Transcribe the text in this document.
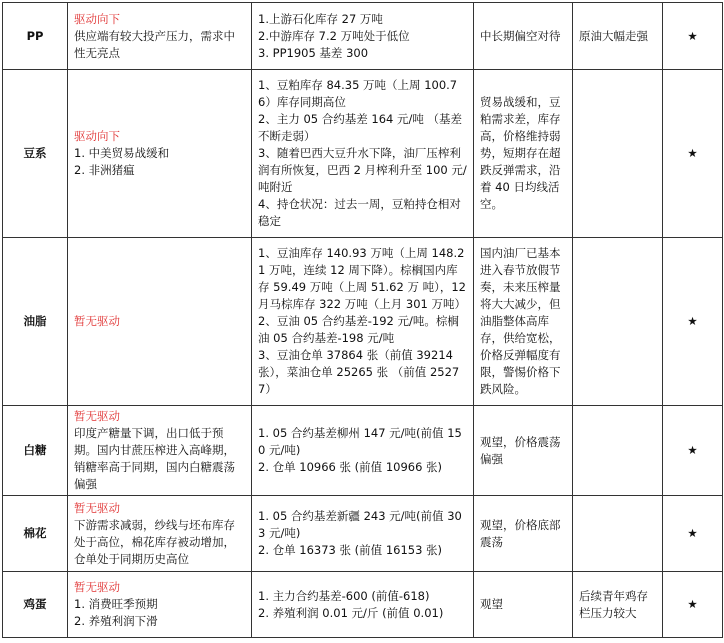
PP	驱动向下
供应端有较大投产压力，需求中性无亮点	1.上游石化库存 27 万吨
2.中游库存 7.2 万吨处于低位
3. PP1905 基差 300	中长期偏空对待	原油大幅走强	★
豆系	驱动向下
1. 中美贸易战缓和
2. 非洲猪瘟	1、豆粕库存 84.35 万吨（上周 100.76）库存同期高位
2、主力 05 合约基差 164 元/吨 （基差不断走弱）
3、随着巴西大豆升水下降，油厂压榨利润有所恢复，巴西 2 月榨利升至 100 元/吨附近
4、持仓状况：过去一周，豆粕持仓相对稳定	贸易战缓和，豆粕需求差，库存高，价格维持弱势，短期存在超跌反弹需求，沿着 40 日均线活空。		★
油脂	暂无驱动	1、豆油库存 140.93 万吨（上周 148.21 万吨，连续 12 周下降）。棕榈国内库存 59.49 万吨（上周 51.62 万 吨），12 月马棕库存 322 万吨（上月 301 万吨）
2、豆油 05 合约基差-192 元/吨。棕榈油 05 合约基差-198 元/吨
3、豆油仓单 37864 张（前值 39214 张），菜油仓单 25265 张 （前值 25277）	国内油厂已基本进入春节放假节奏，未来压榨量将大大减少，但油脂整体高库存，供给宽松，价格反弹幅度有限，警惕价格下跌风险。		★
白糖	暂无驱动
印度产糖量下调，出口低于预期。国内甘蔗压榨进入高峰期，销糖率高于同期，国内白糖震荡偏强	1. 05 合约基差柳州 147 元/吨(前值 150 元/吨)
2. 仓单 10966 张 (前值 10966 张)	观望，价格震荡偏强		★
棉花	暂无驱动
下游需求减弱，纱线与坯布库存处于高位，棉花库存被动增加，仓单处于同期历史高位	1. 05 合约基差新疆 243 元/吨(前值 303 元/吨)
2. 仓单 16373 张 (前值 16153 张)	观望，价格底部震荡		★
鸡蛋	暂无驱动
1. 消费旺季预期
2. 养殖利润下滑	1. 主力合约基差-600 (前值-618)
2. 养殖利润 0.01 元/斤 (前值 0.01)	观望	后续青年鸡存栏压力较大	★
